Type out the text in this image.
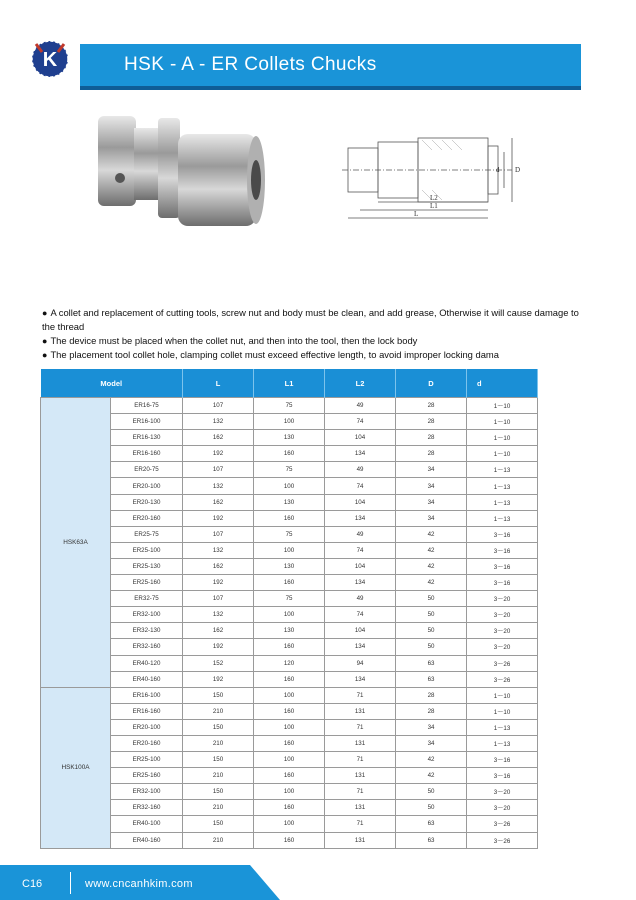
K	HSK - A - ER Collets Chucks
L2
L1
L
D
d

● A collet and replacement of cutting tools, screw nut and body must be clean, and add grease, Otherwise it will cause damage to the thread

● The device must be placed when the collet nut, and then into the tool, then the lock body

● The placement tool collet hole, clamping collet must exceed effective length, to avoid improper locking dama

Model		L	L1	L2	D	d
HSK63A	ER16-75	107	75	49	28	1～10
	ER16-100	132	100	74	28	1～10
	ER16-130	162	130	104	28	1～10
	ER16-160	192	160	134	28	1～10
	ER20-75	107	75	49	34	1～13
	ER20-100	132	100	74	34	1～13
	ER20-130	162	130	104	34	1～13
	ER20-160	192	160	134	34	1～13
	ER25-75	107	75	49	42	3～16
	ER25-100	132	100	74	42	3～16
	ER25-130	162	130	104	42	3～16
	ER25-160	192	160	134	42	3～16
	ER32-75	107	75	49	50	3～20
	ER32-100	132	100	74	50	3～20
	ER32-130	162	130	104	50	3～20
	ER32-160	192	160	134	50	3～20
	ER40-120	152	120	94	63	3～26
	ER40-160	192	160	134	63	3～26
HSK100A	ER16-100	150	100	71	28	1～10
	ER16-160	210	160	131	28	1～10
	ER20-100	150	100	71	34	1～13
	ER20-160	210	160	131	34	1～13
	ER25-100	150	100	71	42	3～16
	ER25-160	210	160	131	42	3～16
	ER32-100	150	100	71	50	3～20
	ER32-160	210	160	131	50	3～20
	ER40-100	150	100	71	63	3～26
	ER40-160	210	160	131	63	3～26
C16	www.cncanhkim.com
